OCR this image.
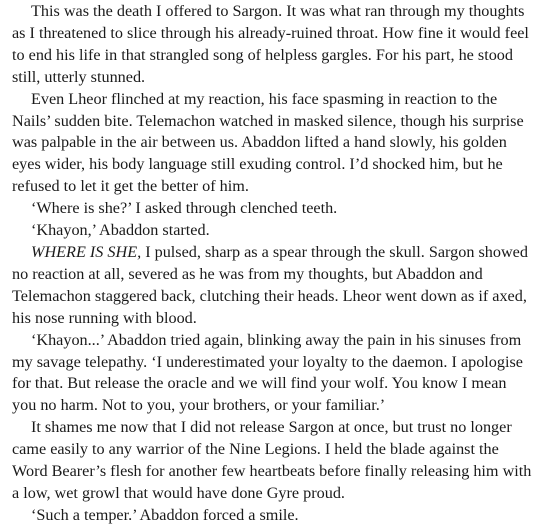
This was the death I offered to Sargon. It was what ran through my thoughts as I threatened to slice through his already-ruined throat. How fine it would feel to end his life in that strangled song of helpless gargles. For his part, he stood still, utterly stunned.

Even Lheor flinched at my reaction, his face spasming in reaction to the Nails’ sudden bite. Telemachon watched in masked silence, though his surprise was palpable in the air between us. Abaddon lifted a hand slowly, his golden eyes wider, his body language still exuding control. I’d shocked him, but he refused to let it get the better of him.

‘Where is she?’ I asked through clenched teeth.

‘Khayon,’ Abaddon started.

WHERE IS SHE, I pulsed, sharp as a spear through the skull. Sargon showed no reaction at all, severed as he was from my thoughts, but Abaddon and Telemachon staggered back, clutching their heads. Lheor went down as if axed, his nose running with blood.

‘Khayon...’ Abaddon tried again, blinking away the pain in his sinuses from my savage telepathy. ‘I underestimated your loyalty to the daemon. I apologise for that. But release the oracle and we will find your wolf. You know I mean you no harm. Not to you, your brothers, or your familiar.’

It shames me now that I did not release Sargon at once, but trust no longer came easily to any warrior of the Nine Legions. I held the blade against the Word Bearer’s flesh for another few heartbeats before finally releasing him with a low, wet growl that would have done Gyre proud.

‘Such a temper.’ Abaddon forced a smile.
